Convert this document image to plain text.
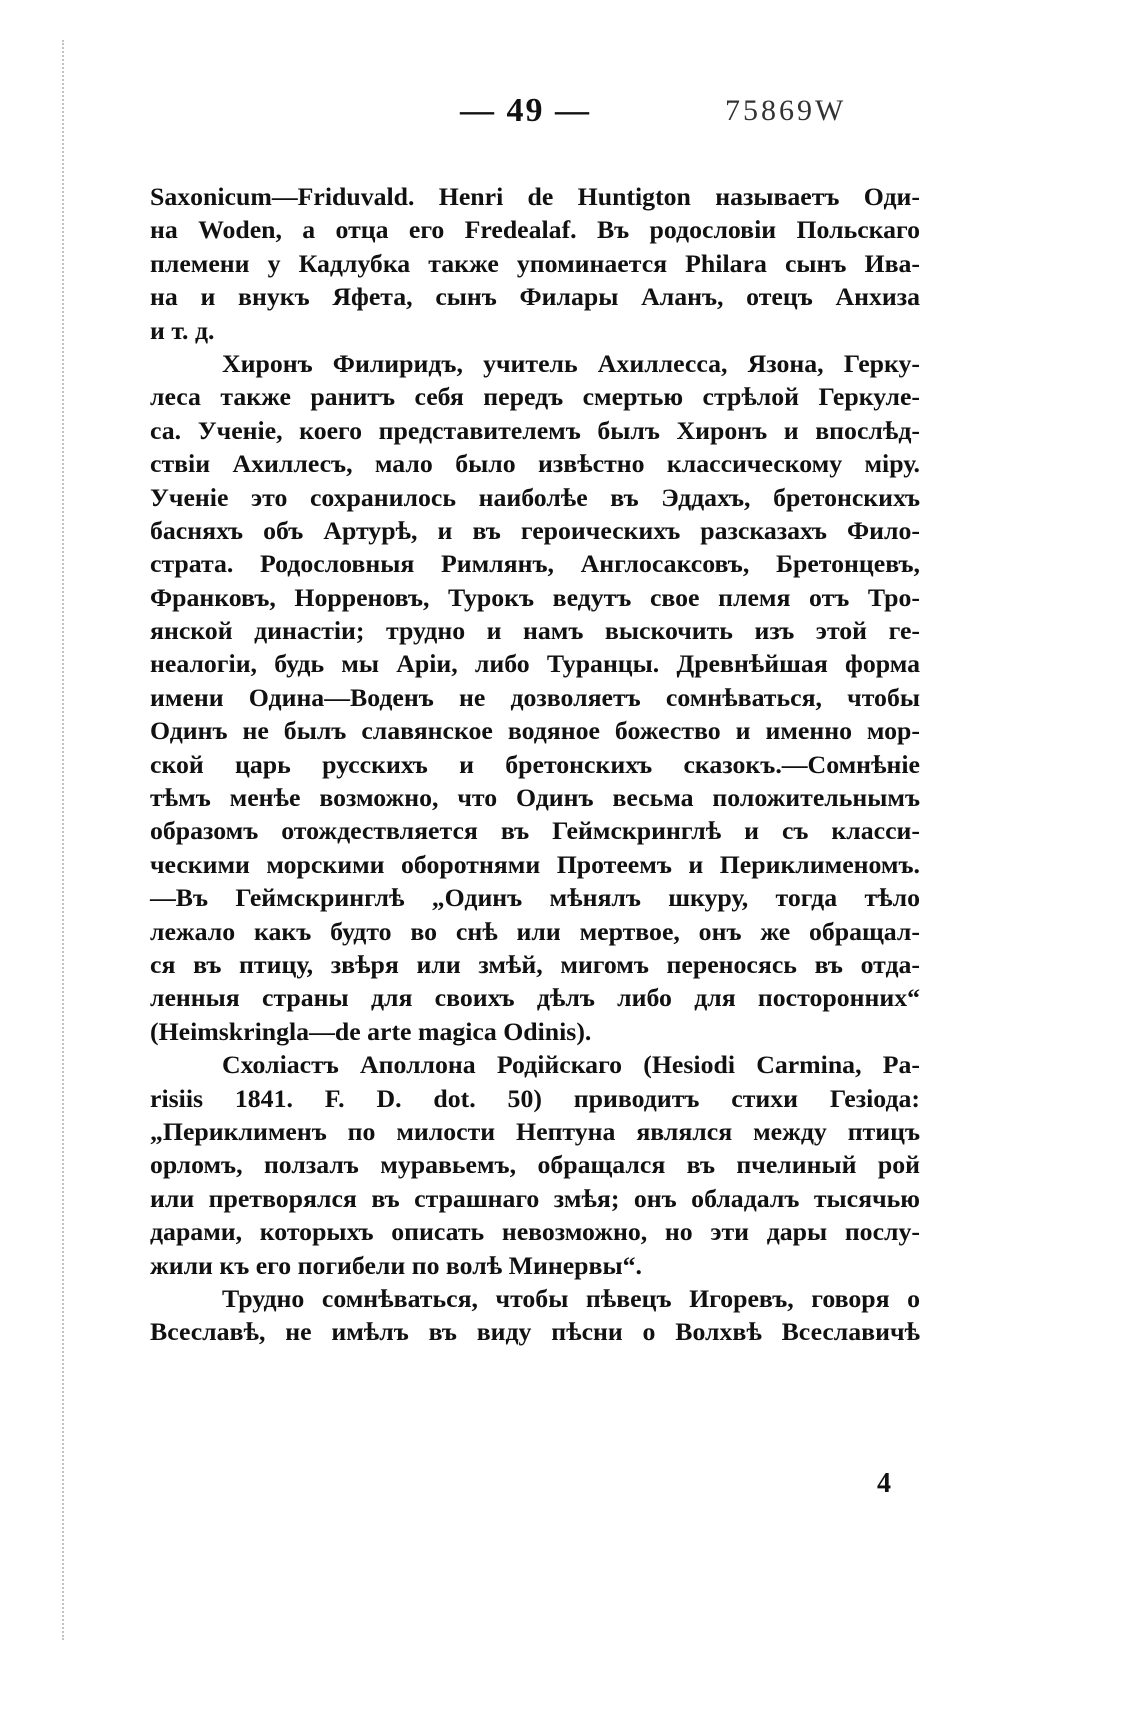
— 49 —	75869W
Saxonicum—Friduvald. Henri de Huntigton называетъ Оди-
на Woden, а отца его Fredealaf. Въ родословіи Польскаго
племени у Кадлубка также упоминается Philara сынъ Ива-
на и внукъ Яфета, сынъ Филары Аланъ, отецъ Анхиза
и т. д.
Хиронъ Филиридъ, учитель Ахиллесса, Язона, Герку-
леса также ранитъ себя передъ смертью стрѣлой Геркуле-
са. Ученіе, коего представителемъ былъ Хиронъ и впослѣд-
ствіи Ахиллесъ, мало было извѣстно классическому міру.
Ученіе это сохранилось наиболѣе въ Эддахъ, бретонскихъ
басняхъ объ Артурѣ, и въ героическихъ разсказахъ Фило-
страта. Родословныя Римлянъ, Англосаксовъ, Бретонцевъ,
Франковъ, Норреновъ, Турокъ ведутъ свое племя отъ Тро-
янской династіи; трудно и намъ выскочить изъ этой ге-
неалогіи, будь мы Аріи, либо Туранцы. Древнѣйшая форма
имени Одина—Воденъ не дозволяетъ сомнѣваться, чтобы
Одинъ не былъ славянское водяное божество и именно мор-
ской царь русскихъ и бретонскихъ сказокъ.—Сомнѣніе
тѣмъ менѣе возможно, что Одинъ весьма положительнымъ
образомъ отождествляется въ Геймскринглѣ и съ класси-
ческими морскими оборотнями Протеемъ и Периклименомъ.
—Въ Геймскринглѣ „Одинъ мѣнялъ шкуру, тогда тѣло
лежало какъ будто во снѣ или мертвое, онъ же обращал-
ся въ птицу, звѣря или змѣй, мигомъ переносясь въ отда-
ленныя страны для своихъ дѣлъ либо для посторонних“
(Heimskringla—de arte magica Odinis).
Схоліастъ Аполлона Родійскаго (Hesiodi Carmina, Pa-
risiis 1841. F. D. dot. 50) приводитъ стихи Гезіода:
„Периклименъ по милости Нептуна являлся между птицъ
орломъ, ползалъ муравьемъ, обращался въ пчелиный рой
или претворялся въ страшнаго змѣя; онъ обладалъ тысячью
дарами, которыхъ описать невозможно, но эти дары послу-
жили къ его погибели по волѣ Минервы“.
Трудно сомнѣваться, чтобы пѣвецъ Игоревъ, говоря о
Всеславѣ, не имѣлъ въ виду пѣсни о Волхвѣ Всеславичѣ
4
